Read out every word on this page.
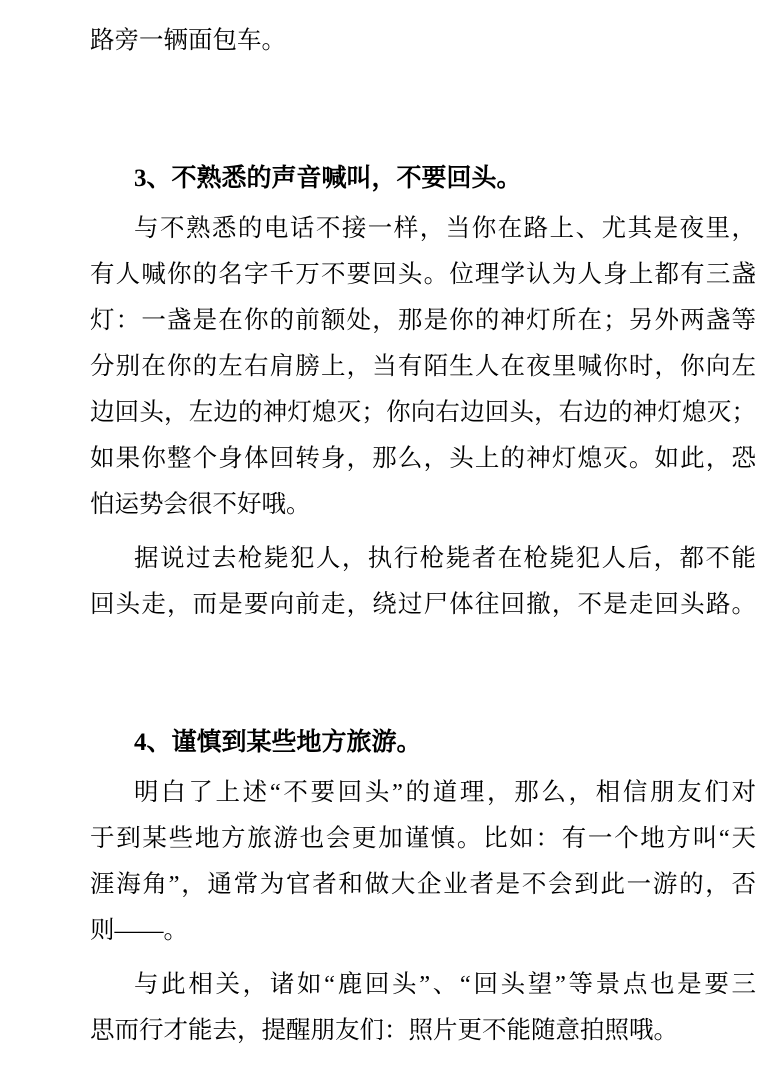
路旁一辆面包车。
3、不熟悉的声音喊叫，不要回头。
与不熟悉的电话不接一样，当你在路上、尤其是夜里，
有人喊你的名字千万不要回头。位理学认为人身上都有三盏
灯：一盏是在你的前额处，那是你的神灯所在；另外两盏等
分别在你的左右肩膀上，当有陌生人在夜里喊你时，你向左
边回头，左边的神灯熄灭；你向右边回头，右边的神灯熄灭；
如果你整个身体回转身，那么，头上的神灯熄灭。如此，恐
怕运势会很不好哦。
据说过去枪毙犯人，执行枪毙者在枪毙犯人后，都不能
回头走，而是要向前走，绕过尸体往回撤，不是走回头路。
4、谨慎到某些地方旅游。
明白了上述“不要回头”的道理，那么，相信朋友们对
于到某些地方旅游也会更加谨慎。比如：有一个地方叫“天
涯海角”，通常为官者和做大企业者是不会到此一游的，否
则——。
与此相关，诸如“鹿回头”、“回头望”等景点也是要三
思而行才能去，提醒朋友们：照片更不能随意拍照哦。
